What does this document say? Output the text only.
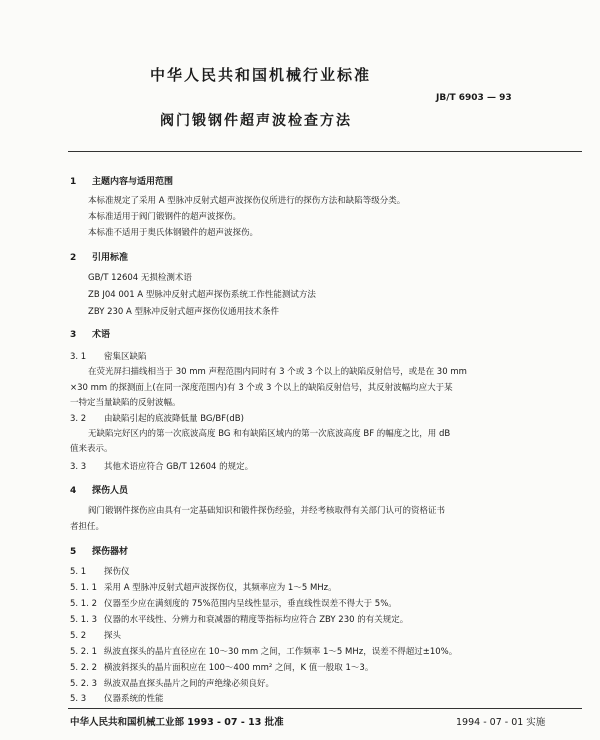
中华人民共和国机械行业标准
JB/T 6903 — 93
阀门锻钢件超声波检查方法
1 主题内容与适用范围
本标准规定了采用 A 型脉冲反射式超声波探伤仪所进行的探伤方法和缺陷等级分类。
本标准适用于阀门锻钢件的超声波探伤。
本标准不适用于奥氏体钢锻件的超声波探伤。
2 引用标准
GB/T 12604 无损检测术语
ZB J04 001 A 型脉冲反射式超声探伤系统工作性能测试方法
ZBY 230 A 型脉冲反射式超声探伤仪通用技术条件
3 术语
3. 1 密集区缺陷
在荧光屏扫描线相当于 30 mm 声程范围内同时有 3 个或 3 个以上的缺陷反射信号，或是在 30 mm
×30 mm 的探测面上(在同一深度范围内)有 3 个或 3 个以上的缺陷反射信号，其反射波幅均应大于某
一特定当量缺陷的反射波幅。
3. 2 由缺陷引起的底波降低量 BG/BF(dB)
无缺陷完好区内的第一次底波高度 BG 和有缺陷区域内的第一次底波高度 BF 的幅度之比，用 dB
值来表示。
3. 3 其他术语应符合 GB/T 12604 的规定。
4 探伤人员
阀门锻钢件探伤应由具有一定基础知识和锻件探伤经验，并经考核取得有关部门认可的资格证书
者担任。
5 探伤器材
5. 1 探伤仪
5. 1. 1 采用 A 型脉冲反射式超声波探伤仪，其频率应为 1～5 MHz。
5. 1. 2 仪器至少应在满刻度的 75%范围内呈线性显示，垂直线性误差不得大于 5%。
5. 1. 3 仪器的水平线性、分辨力和衰减器的精度等指标均应符合 ZBY 230 的有关规定。
5. 2 探头
5. 2. 1 纵波直探头的晶片直径应在 10～30 mm 之间，工作频率 1～5 MHz，误差不得超过±10%。
5. 2. 2 横波斜探头的晶片面积应在 100～400 mm² 之间，K 值一般取 1～3。
5. 2. 3 纵波双晶直探头晶片之间的声绝缘必须良好。
5. 3 仪器系统的性能
中华人民共和国机械工业部 1993 - 07 - 13 批准	1994 - 07 - 01 实施
